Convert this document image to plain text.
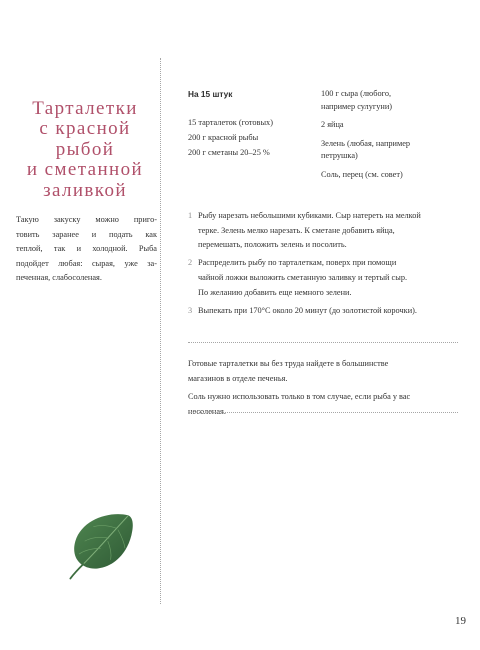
Тарталетки
с красной
рыбой
и сметанной
заливкой
Такую закуску можно приго-
товить заранее и подать как
теплой, так и холодной. Рыба
подойдет любая: сырая, уже за-
печенная, слабосоленая.
На 15 штук

15 тарталеток (готовых)

200 г красной рыбы

200 г сметаны 20–25 %

100 г сыра (любого,
например сулугуни)

2 яйца

Зелень (любая, например
петрушка)

Соль, перец (см. совет)

1 Рыбу нарезать небольшими кубиками. Сыр натереть на мелкой
терке. Зелень мелко нарезать. К сметане добавить яйца,
перемешать, положить зелень и посолить.
2 Распределить рыбу по тарталеткам, поверх при помощи
чайной ложки выложить сметанную заливку и тертый сыр.
По желанию добавить еще немного зелени.
3 Выпекать при 170°С около 20 минут (до золотистой корочки).

Готовые тарталетки вы без труда найдете в большинстве
магазинов в отделе печенья.

Соль нужно использовать только в том случае, если рыба у вас
несоленая.

19
